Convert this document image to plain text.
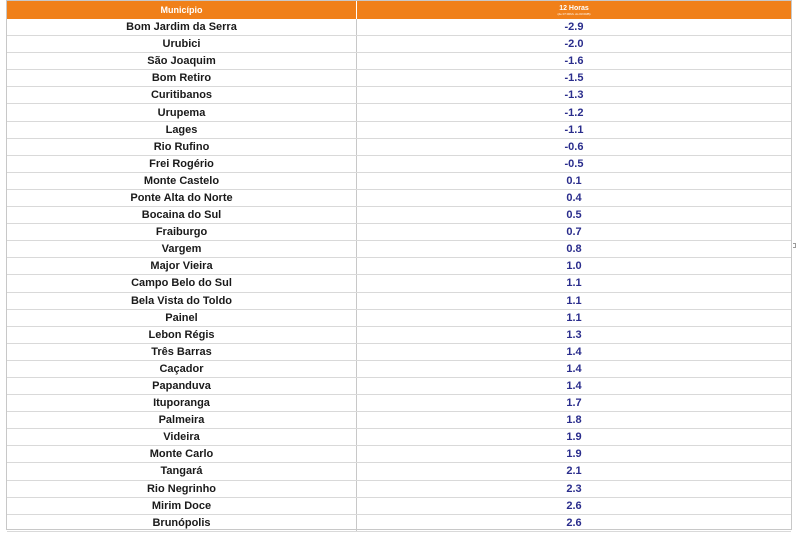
Município	12 Horas
(de 07:00h/L do 03:00/B)

Bom Jardim da Serra	-2.9
Urubici	-2.0
São Joaquim	-1.6
Bom Retiro	-1.5
Curitibanos	-1.3
Urupema	-1.2
Lages	-1.1
Rio Rufino	-0.6
Frei Rogério	-0.5
Monte Castelo	0.1
Ponte Alta do Norte	0.4
Bocaina do Sul	0.5
Fraiburgo	0.7
Vargem	0.8
Major Vieira	1.0
Campo Belo do Sul	1.1
Bela Vista do Toldo	1.1
Painel	1.1
Lebon Régis	1.3
Três Barras	1.4
Caçador	1.4
Papanduva	1.4
Ituporanga	1.7
Palmeira	1.8
Videira	1.9
Monte Carlo	1.9
Tangará	2.1
Rio Negrinho	2.3
Mirim Doce	2.6
Brunópolis	2.6
